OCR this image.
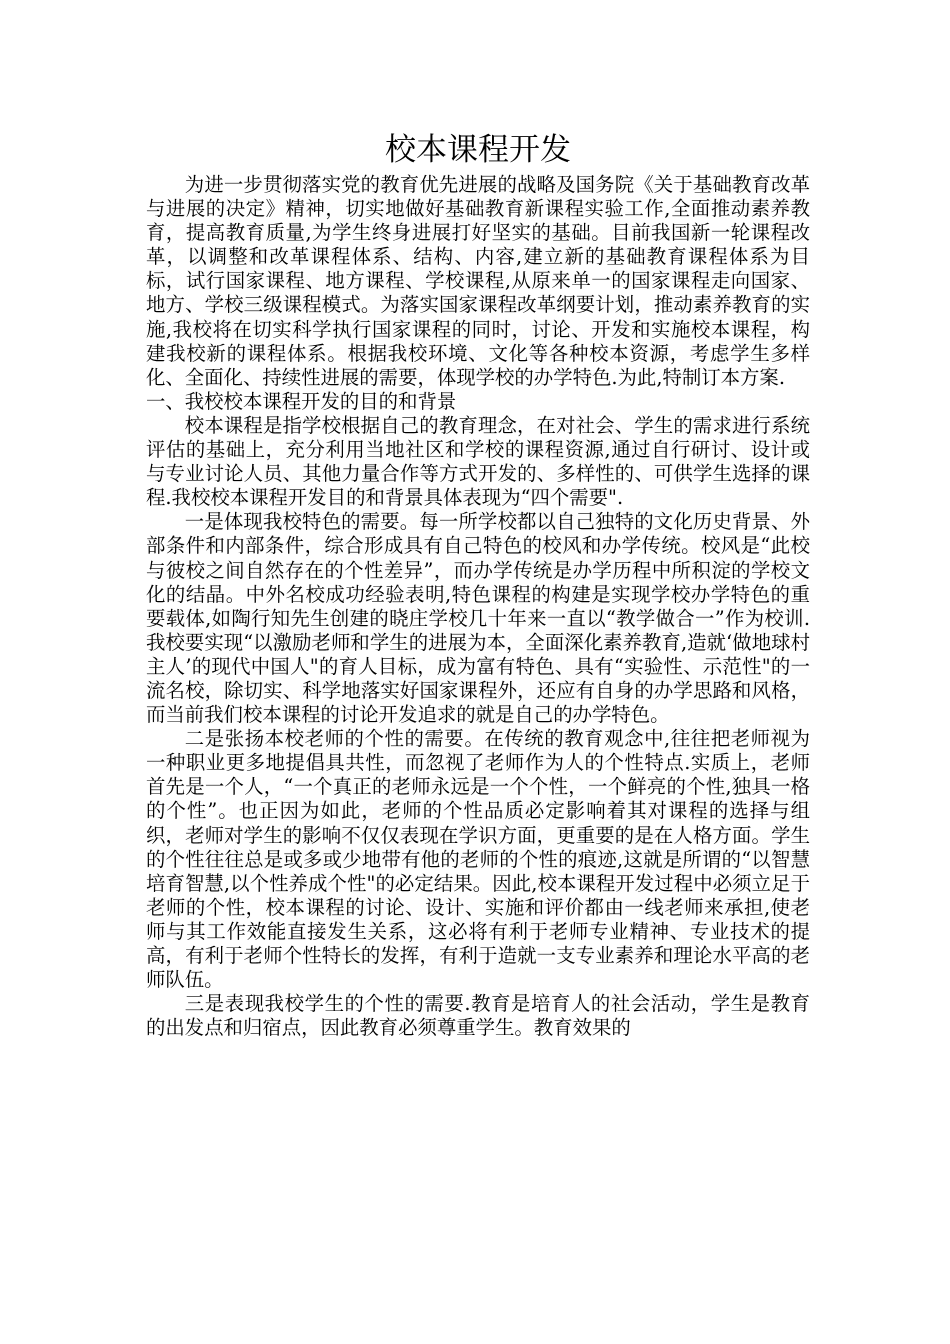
校本课程开发

为进一步贯彻落实党的教育优先进展的战略及国务院《关于基础教育改革与进展的决定》精神，切实地做好基础教育新课程实验工作,全面推动素养教育，提高教育质量,为学生终身进展打好坚实的基础。目前我国新一轮课程改革，以调整和改革课程体系、结构、内容,建立新的基础教育课程体系为目标，试行国家课程、地方课程、学校课程,从原来单一的国家课程走向国家、地方、学校三级课程模式。为落实国家课程改革纲要计划，推动素养教育的实施,我校将在切实科学执行国家课程的同时，讨论、开发和实施校本课程，构建我校新的课程体系。根据我校环境、文化等各种校本资源，考虑学生多样化、全面化、持续性进展的需要，体现学校的办学特色.为此,特制订本方案.

一、我校校本课程开发的目的和背景

校本课程是指学校根据自己的教育理念，在对社会、学生的需求进行系统评估的基础上，充分利用当地社区和学校的课程资源,通过自行研讨、设计或与专业讨论人员、其他力量合作等方式开发的、多样性的、可供学生选择的课程.我校校本课程开发目的和背景具体表现为“四个需要".

一是体现我校特色的需要。每一所学校都以自己独特的文化历史背景、外部条件和内部条件，综合形成具有自己特色的校风和办学传统。校风是“此校与彼校之间自然存在的个性差异”，而办学传统是办学历程中所积淀的学校文化的结晶。中外名校成功经验表明,特色课程的构建是实现学校办学特色的重要载体,如陶行知先生创建的晓庄学校几十年来一直以“教学做合一”作为校训.我校要实现“以激励老师和学生的进展为本，全面深化素养教育,造就‘做地球村主人’的现代中国人"的育人目标，成为富有特色、具有“实验性、示范性"的一流名校，除切实、科学地落实好国家课程外，还应有自身的办学思路和风格，而当前我们校本课程的讨论开发追求的就是自己的办学特色。

二是张扬本校老师的个性的需要。在传统的教育观念中,往往把老师视为一种职业更多地提倡具共性，而忽视了老师作为人的个性特点.实质上，老师首先是一个人，“一个真正的老师永远是一个个性，一个鲜亮的个性,独具一格的个性”。也正因为如此，老师的个性品质必定影响着其对课程的选择与组织，老师对学生的影响不仅仅表现在学识方面，更重要的是在人格方面。学生的个性往往总是或多或少地带有他的老师的个性的痕迹,这就是所谓的“以智慧培育智慧,以个性养成个性"的必定结果。因此,校本课程开发过程中必须立足于老师的个性，校本课程的讨论、设计、实施和评价都由一线老师来承担,使老师与其工作效能直接发生关系，这必将有利于老师专业精神、专业技术的提高，有利于老师个性特长的发挥，有利于造就一支专业素养和理论水平高的老师队伍。

三是表现我校学生的个性的需要.教育是培育人的社会活动，学生是教育的出发点和归宿点，因此教育必须尊重学生。教育效果的
